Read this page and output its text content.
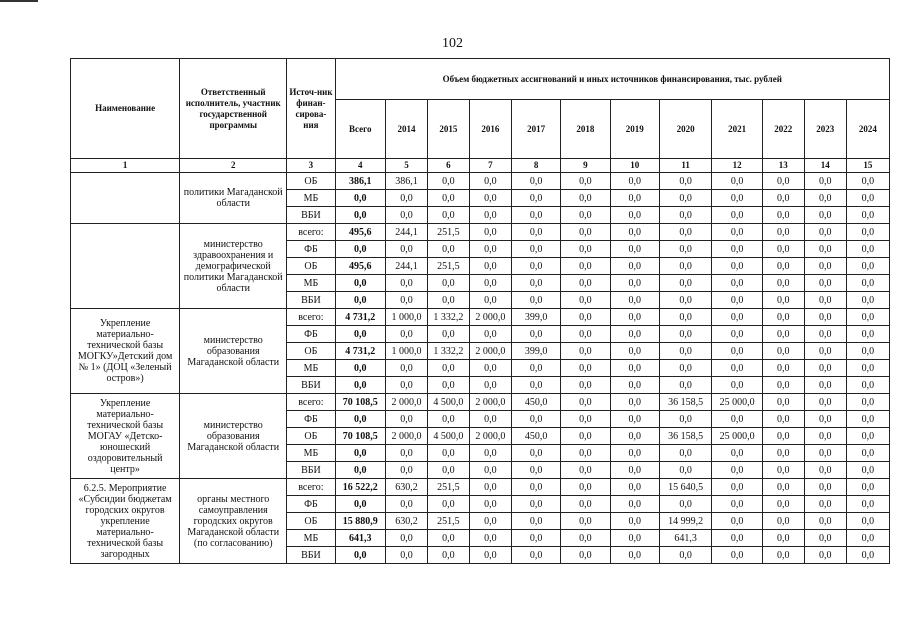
102
Наименование	Ответственный исполнитель, участник государственной программы	Источ-ник финан-сирова-ния	Объем бюджетных ассигнований и иных источников финансирования, тыс. рублей											
			Всего	2014	2015	2016	2017	2018	2019	2020	2021	2022	2023	2024
1	2	3	4	5	6	7	8	9	10	11	12	13	14	15
	политики Магаданской области	ОБ	386,1	386,1	0,0	0,0	0,0	0,0	0,0	0,0	0,0	0,0	0,0	0,0
		МБ	0,0	0,0	0,0	0,0	0,0	0,0	0,0	0,0	0,0	0,0	0,0	0,0
		ВБИ	0,0	0,0	0,0	0,0	0,0	0,0	0,0	0,0	0,0	0,0	0,0	0,0
	министерство здравоохранения и демографической политики Магаданской области	всего:	495,6	244,1	251,5	0,0	0,0	0,0	0,0	0,0	0,0	0,0	0,0	0,0
		ФБ	0,0	0,0	0,0	0,0	0,0	0,0	0,0	0,0	0,0	0,0	0,0	0,0
		ОБ	495,6	244,1	251,5	0,0	0,0	0,0	0,0	0,0	0,0	0,0	0,0	0,0
		МБ	0,0	0,0	0,0	0,0	0,0	0,0	0,0	0,0	0,0	0,0	0,0	0,0
		ВБИ	0,0	0,0	0,0	0,0	0,0	0,0	0,0	0,0	0,0	0,0	0,0	0,0
Укрепление материально-технической базы МОГКУ»Детский дом № 1» (ДОЦ «Зеленый остров»)	министерство образования Магаданской области	всего:	4 731,2	1 000,0	1 332,2	2 000,0	399,0	0,0	0,0	0,0	0,0	0,0	0,0	0,0
		ФБ	0,0	0,0	0,0	0,0	0,0	0,0	0,0	0,0	0,0	0,0	0,0	0,0
		ОБ	4 731,2	1 000,0	1 332,2	2 000,0	399,0	0,0	0,0	0,0	0,0	0,0	0,0	0,0
		МБ	0,0	0,0	0,0	0,0	0,0	0,0	0,0	0,0	0,0	0,0	0,0	0,0
		ВБИ	0,0	0,0	0,0	0,0	0,0	0,0	0,0	0,0	0,0	0,0	0,0	0,0
Укрепление материально-технической базы МОГАУ «Детско-юношеский оздоровительный центр»	министерство образования Магаданской области	всего:	70 108,5	2 000,0	4 500,0	2 000,0	450,0	0,0	0,0	36 158,5	25 000,0	0,0	0,0	0,0
		ФБ	0,0	0,0	0,0	0,0	0,0	0,0	0,0	0,0	0,0	0,0	0,0	0,0
		ОБ	70 108,5	2 000,0	4 500,0	2 000,0	450,0	0,0	0,0	36 158,5	25 000,0	0,0	0,0	0,0
		МБ	0,0	0,0	0,0	0,0	0,0	0,0	0,0	0,0	0,0	0,0	0,0	0,0
		ВБИ	0,0	0,0	0,0	0,0	0,0	0,0	0,0	0,0	0,0	0,0	0,0	0,0
6.2.5. Мероприятие «Субсидии бюджетам городских округов укрепление материально-технической базы загородных	органы местного самоуправления городских округов Магаданской области (по согласованию)	всего:	16 522,2	630,2	251,5	0,0	0,0	0,0	0,0	15 640,5	0,0	0,0	0,0	0,0
		ФБ	0,0	0,0	0,0	0,0	0,0	0,0	0,0	0,0	0,0	0,0	0,0	0,0
		ОБ	15 880,9	630,2	251,5	0,0	0,0	0,0	0,0	14 999,2	0,0	0,0	0,0	0,0
		МБ	641,3	0,0	0,0	0,0	0,0	0,0	0,0	641,3	0,0	0,0	0,0	0,0
		ВБИ	0,0	0,0	0,0	0,0	0,0	0,0	0,0	0,0	0,0	0,0	0,0	0,0
